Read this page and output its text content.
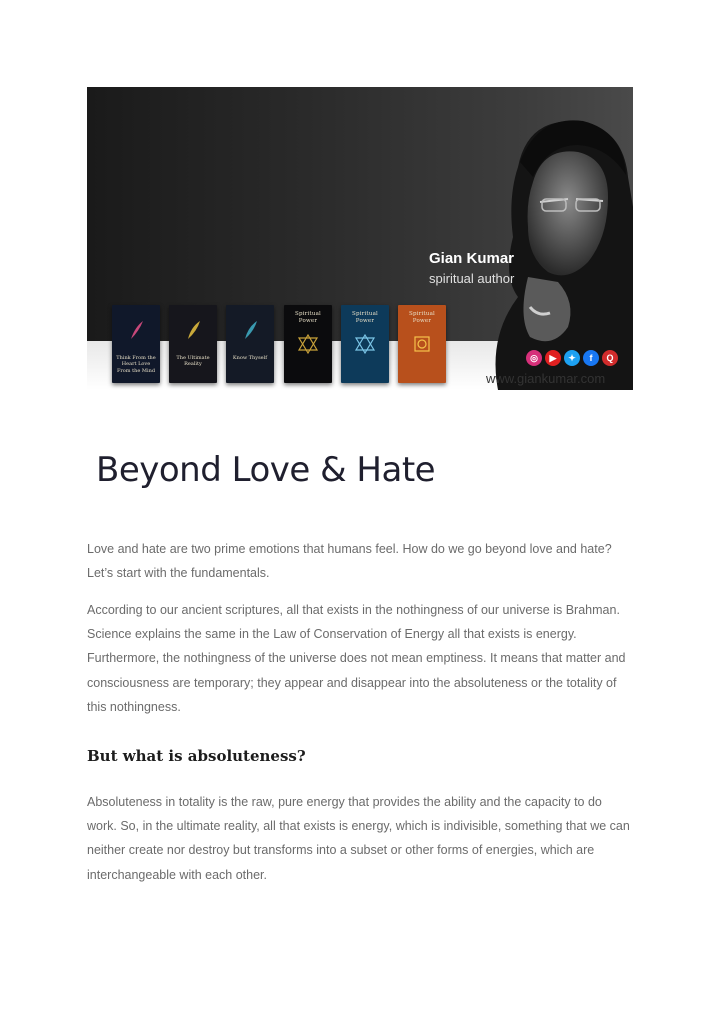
Gian Kumar
spiritual author
Think From the Heart Love From the Mind
The Ultimate Reality
Know Thyself
Spiritual Power
Spiritual Power
Spiritual Power
◎	▶	✦	f	Q
www.giankumar.com
Beyond Love & Hate

Love and hate are two prime emotions that humans feel. How do we go beyond love and hate? Let’s start with the fundamentals.

According to our ancient scriptures, all that exists in the nothingness of our universe is Brahman. Science explains the same in the Law of Conservation of Energy all that exists is energy. Furthermore, the nothingness of the universe does not mean emptiness. It means that matter and consciousness are temporary; they appear and disappear into the absoluteness or the totality of this nothingness.

But what is absoluteness?

Absoluteness in totality is the raw, pure energy that provides the ability and the capacity to do work. So, in the ultimate reality, all that exists is energy, which is indivisible, something that we can neither create nor destroy but transforms into a subset or other forms of energies, which are interchangeable with each other.
